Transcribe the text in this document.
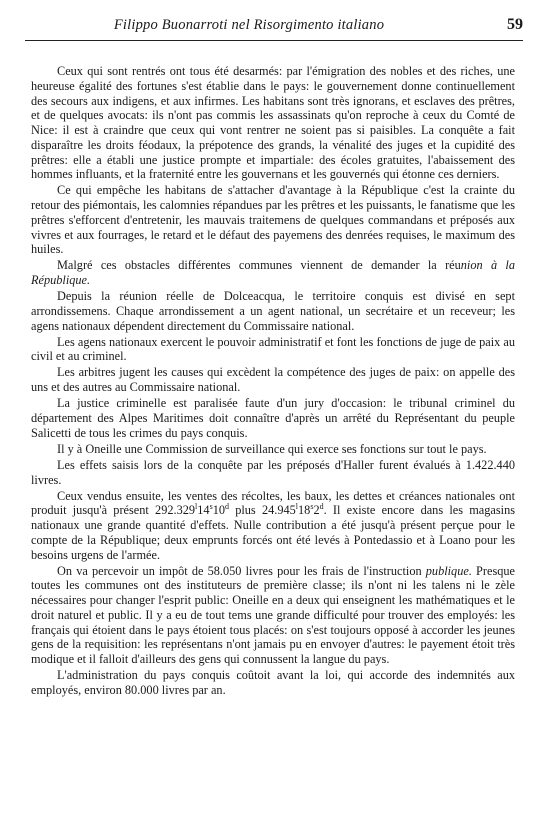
Filippo Buonarroti nel Risorgimento italiano	59

Ceux qui sont rentrés ont tous été desarmés: par l'émigration des nobles et des riches, une heureuse égalité des fortunes s'est établie dans le pays: le gouvernement donne continuellement des secours aux indigens, et aux infirmes. Les habitans sont très ignorans, et esclaves des prêtres, et de quelques avocats: ils n'ont pas commis les assassinats qu'on reproche à ceux du Comté de Nice: il est à craindre que ceux qui vont rentrer ne soient pas si paisibles. La conquête a fait disparaître les droits féodaux, la prépotence des grands, la vénalité des juges et la cupidité des prêtres: elle a établi une justice prompte et impartiale: des écoles gratuites, l'abaissement des hommes influants, et la fraternité entre les gouvernans et les gouvernés qui étonne ces derniers.

Ce qui empêche les habitans de s'attacher d'avantage à la République c'est la crainte du retour des piémontais, les calomnies répandues par les prêtres et les puissants, le fanatisme que les prêtres s'efforcent d'entretenir, les mauvais traitemens de quelques commandans et préposés aux vivres et aux fourrages, le retard et le défaut des payemens des denrées requises, le maximum des huiles.

Malgré ces obstacles différentes communes viennent de demander la réunion à la République.

Depuis la réunion réelle de Dolceacqua, le territoire conquis est divisé en sept arrondissemens. Chaque arrondissement a un agent national, un secrétaire et un receveur; les agens nationaux dépendent directement du Commissaire national.

Les agens nationaux exercent le pouvoir administratif et font les fonctions de juge de paix au civil et au criminel.

Les arbitres jugent les causes qui excèdent la compétence des juges de paix: on appelle des uns et des autres au Commissaire national.

La justice criminelle est paralisée faute d'un jury d'occasion: le tribunal criminel du département des Alpes Maritimes doit connaître d'après un arrêté du Représentant du peuple Salicetti de tous les crimes du pays conquis.

Il y à Oneille une Commission de surveillance qui exerce ses fonctions sur tout le pays.

Les effets saisis lors de la conquête par les préposés d'Haller furent évalués à 1.422.440 livres.

Ceux vendus ensuite, les ventes des récoltes, les baux, les dettes et créances nationales ont produit jusqu'à présent 292.329$^l$14$^s$10$^d$ plus 24.945$^l$18$^s$2$^d$. Il existe encore dans les magasins nationaux une grande quantité d'effets. Nulle contribution a été jusqu'à présent perçue pour le compte de la République; deux emprunts forcés ont été levés à Pontedassio et à Loano pour les besoins urgens de l'armée.

On va percevoir un impôt de 58.050 livres pour les frais de l'instruction publique. Presque toutes les communes ont des instituteurs de première classe; ils n'ont ni les talens ni le zèle nécessaires pour changer l'esprit public: Oneille en a deux qui enseignent les mathématiques et le droit naturel et public. Il y a eu de tout tems une grande difficulté pour trouver des employés: les français qui étoient dans le pays étoient tous placés: on s'est toujours opposé à accorder les jeunes gens de la requisition: les représentans n'ont jamais pu en envoyer d'autres: le payement étoit très modique et il falloit d'ailleurs des gens qui connussent la langue du pays.

L'administration du pays conquis coûtoit avant la loi, qui accorde des indemnités aux employés, environ 80.000 livres par an.
